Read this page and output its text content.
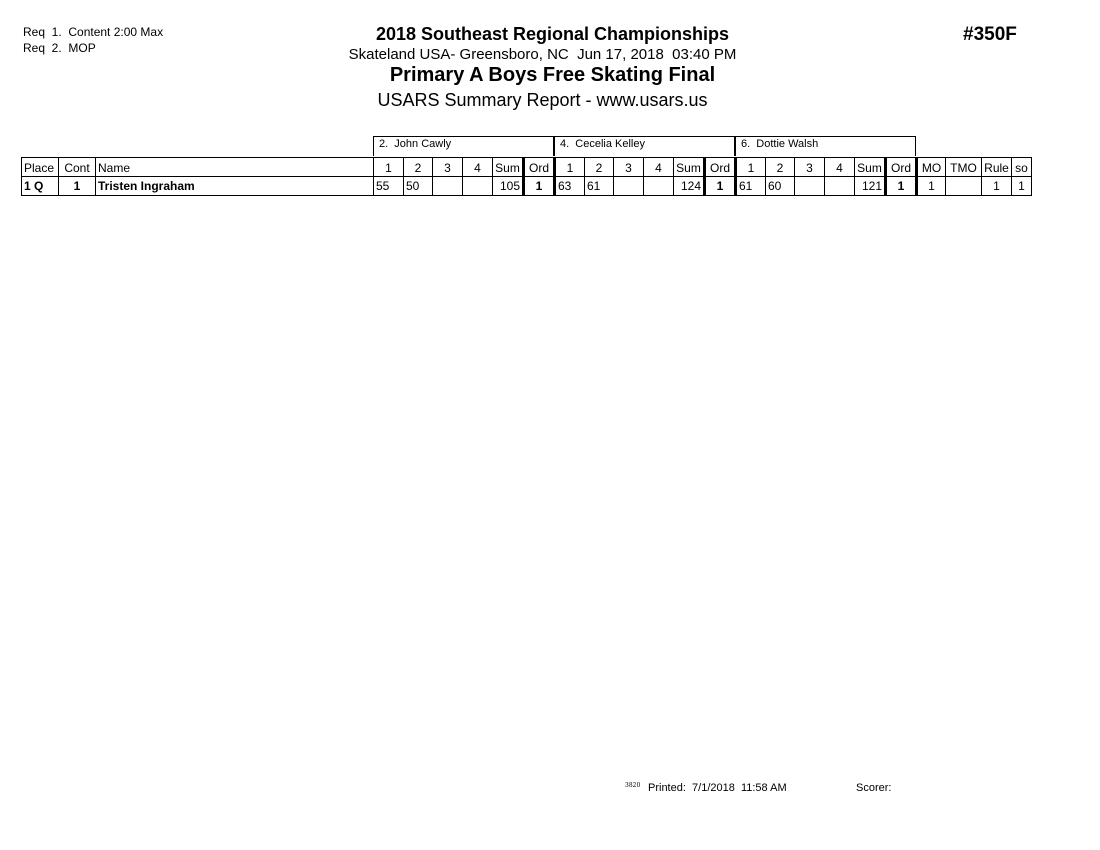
Req  1.  Content 2:00 Max
Req  2.  MOP
2018 Southeast Regional Championships
Skateland USA- Greensboro, NC  Jun 17, 2018  03:40 PM
Primary A Boys Free Skating Final
USARS Summary Report - www.usars.us
#350F
2.  John Cawly	4.  Cecelia Kelley	6.  Dottie Walsh
Place	Cont	Name	1	2	3	4	Sum	Ord	1	2	3	4	Sum	Ord	1	2	3	4	Sum	Ord	MO	TMO	Rule	so
1 Q	1	Tristen Ingraham	55	50			105	1	63	61			124	1	61	60			121	1	1		1	1
3820 Printed:  7/1/2018  11:58 AM	Scorer:
